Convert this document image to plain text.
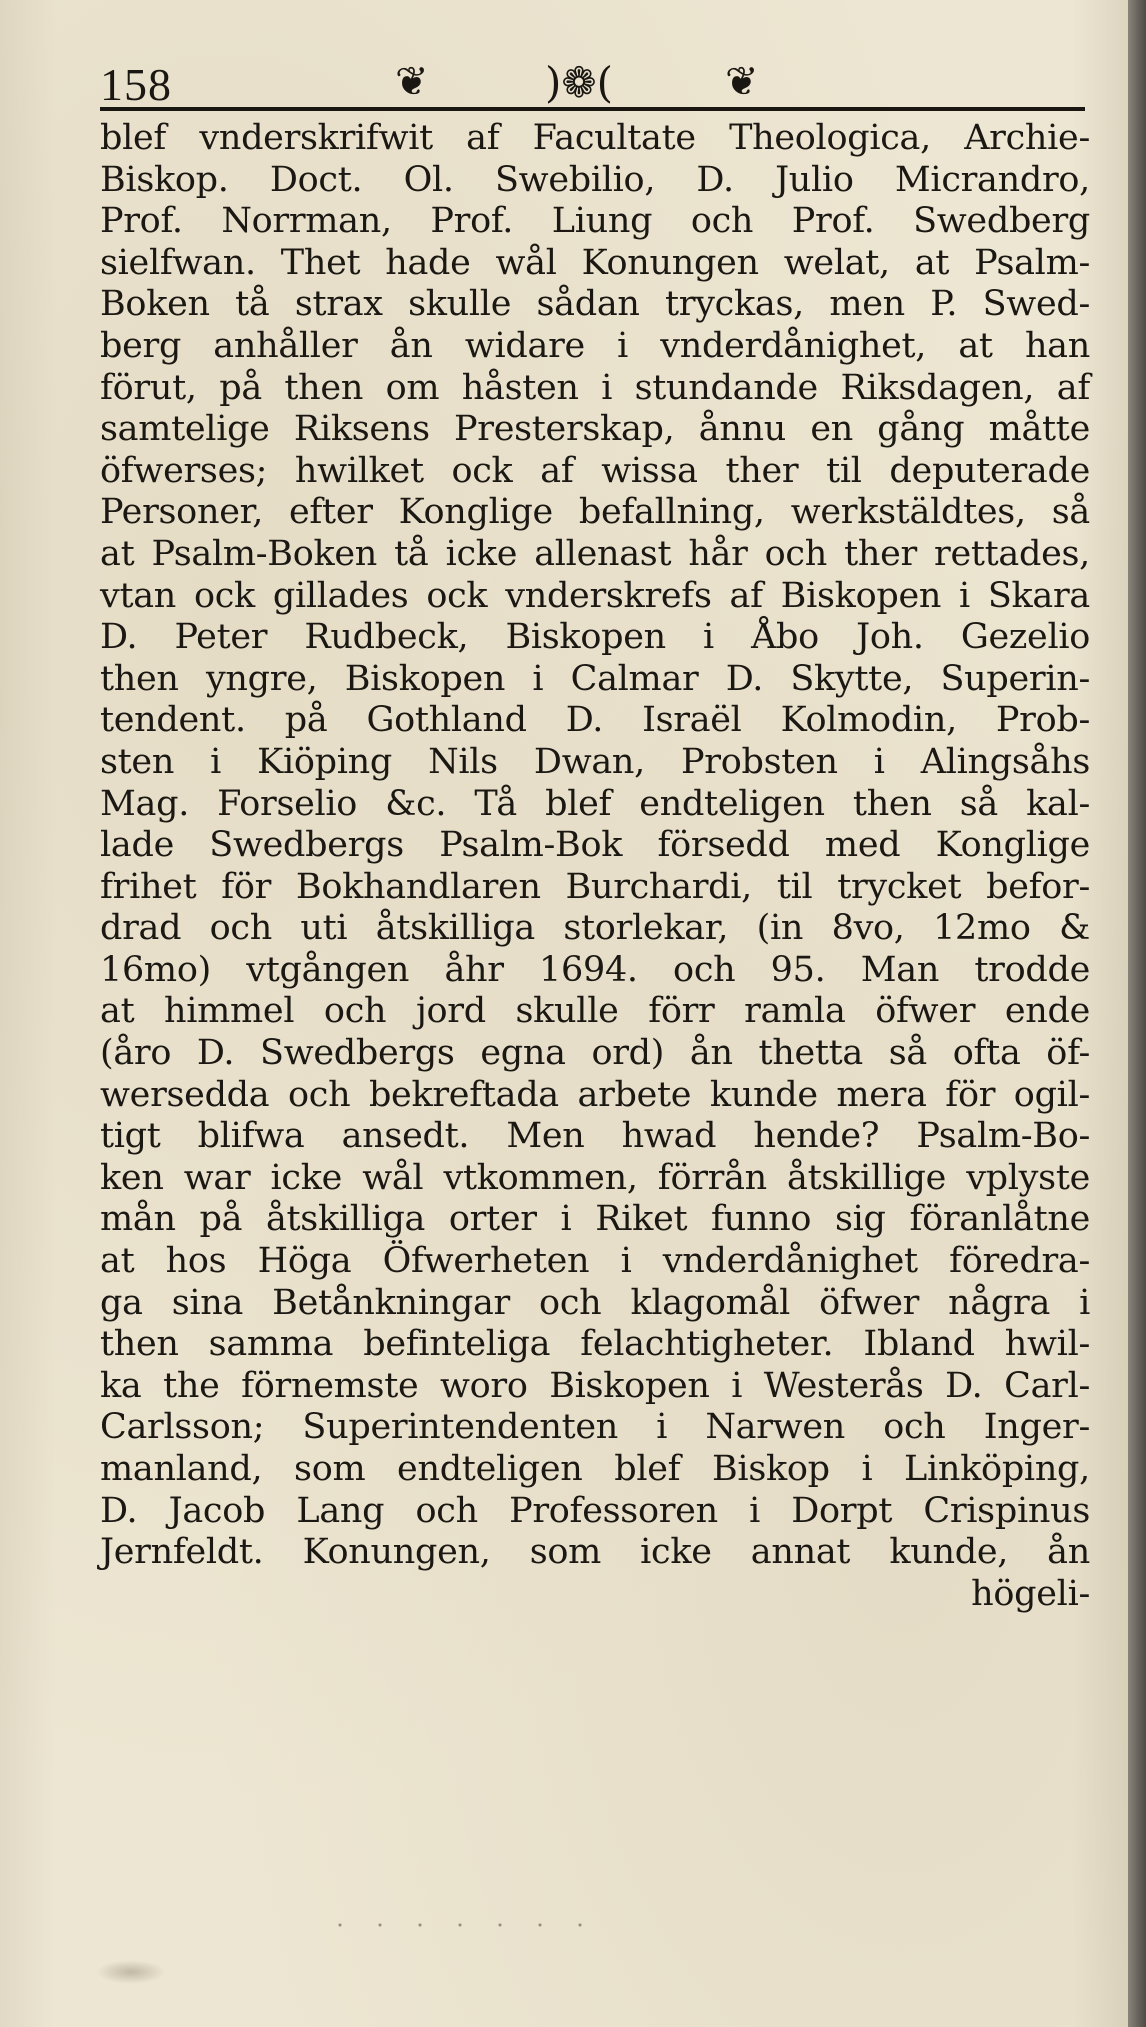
158	❦	)❁(	❦
blef vnderskrifwit af Facultate Theologica, Archie-
Biskop. Doct. Ol. Swebilio, D. Julio Micrandro,
Prof. Norrman, Prof. Liung och Prof. Swedberg
sielfwan. Thet hade wål Konungen welat, at Psalm-
Boken tå strax skulle sådan tryckas, men P. Swed-
berg anhåller ån widare i vnderdånighet, at han
förut, på then om håsten i stundande Riksdagen, af
samtelige Riksens Presterskap, ånnu en gång måtte
öfwerses; hwilket ock af wissa ther til deputerade
Personer, efter Konglige befallning, werkstäldtes, så
at Psalm-Boken tå icke allenast hår och ther rettades,
vtan ock gillades ock vnderskrefs af Biskopen i Skara
D. Peter Rudbeck, Biskopen i Åbo Joh. Gezelio
then yngre, Biskopen i Calmar D. Skytte, Superin-
tendent. på Gothland D. Israël Kolmodin, Prob-
sten i Kiöping Nils Dwan, Probsten i Alingsåhs
Mag. Forselio &c. Tå blef endteligen then så kal-
lade Swedbergs Psalm-Bok försedd med Konglige
frihet för Bokhandlaren Burchardi, til trycket befor-
drad och uti åtskilliga storlekar, (in 8vo, 12mo &
16mo) vtgången åhr 1694. och 95. Man trodde
at himmel och jord skulle förr ramla öfwer ende
(åro D. Swedbergs egna ord) ån thetta så ofta öf-
wersedda och bekreftada arbete kunde mera för ogil-
tigt blifwa ansedt. Men hwad hende? Psalm-Bo-
ken war icke wål vtkommen, förrån åtskillige vplyste
mån på åtskilliga orter i Riket funno sig föranlåtne
at hos Höga Öfwerheten i vnderdånighet föredra-
ga sina Betånkningar och klagomål öfwer några i
then samma befinteliga felachtigheter. Ibland hwil-
ka the förnemste woro Biskopen i Westerås D. Carl-
Carlsson; Superintendenten i Narwen och Inger-
manland, som endteligen blef Biskop i Linköping,
D. Jacob Lang och Professoren i Dorpt Crispinus
Jernfeldt. Konungen, som icke annat kunde, ån
högeli-
